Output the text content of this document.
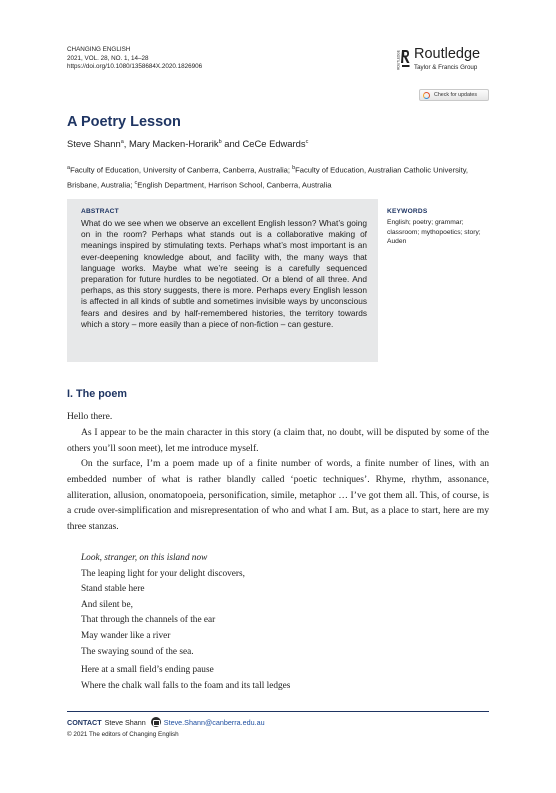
CHANGING ENGLISH
2021, VOL. 28, NO. 1, 14–28
https://doi.org/10.1080/1358684X.2020.1826906	ROUTLEDGE Routledge
Taylor & Francis Group
Check for updates
A Poetry Lesson
Steve Shann$^a$, Mary Macken-Horarik$^b$ and CeCe Edwards$^c$
$^a$Faculty of Education, University of Canberra, Canberra, Australia; $^b$Faculty of Education, Australian Catholic University, Brisbane, Australia; $^c$English Department, Harrison School, Canberra, Australia
ABSTRACT
What do we see when we observe an excellent English lesson? What’s going on in the room? Perhaps what stands out is a collaborative making of meanings inspired by stimulating texts. Perhaps what’s most important is an ever-deepening knowledge about, and facility with, the many ways that language works. Maybe what we’re seeing is a carefully sequenced preparation for future hurdles to be negotiated. Or a blend of all three. And perhaps, as this story suggests, there is more. Perhaps every English lesson is affected in all kinds of subtle and sometimes invisible ways by unconscious fears and desires and by half-remembered histories, the territory towards which a story – more easily than a piece of non-fiction – can gesture.
KEYWORDS
English; poetry; grammar; classroom; mythopoetics; story; Auden
I. The poem

Hello there.

As I appear to be the main character in this story (a claim that, no doubt, will be disputed by some of the others you’ll soon meet), let me introduce myself.

On the surface, I’m a poem made up of a finite number of words, a finite number of lines, with an embedded number of what is rather blandly called ‘poetic techniques’. Rhyme, rhythm, assonance, alliteration, allusion, onomatopoeia, personification, simile, metaphor … I’ve got them all. This, of course, is a crude over-simplification and misrepresentation of who and what I am. But, as a place to start, here are my three stanzas.

Look, stranger, on this island now
The leaping light for your delight discovers,
Stand stable here
And silent be,
That through the channels of the ear
May wander like a river
The swaying sound of the sea.
Here at a small field’s ending pause
Where the chalk wall falls to the foam and its tall ledges
CONTACT Steve Shann	Steve.Shann@canberra.edu.au
© 2021 The editors of Changing English
